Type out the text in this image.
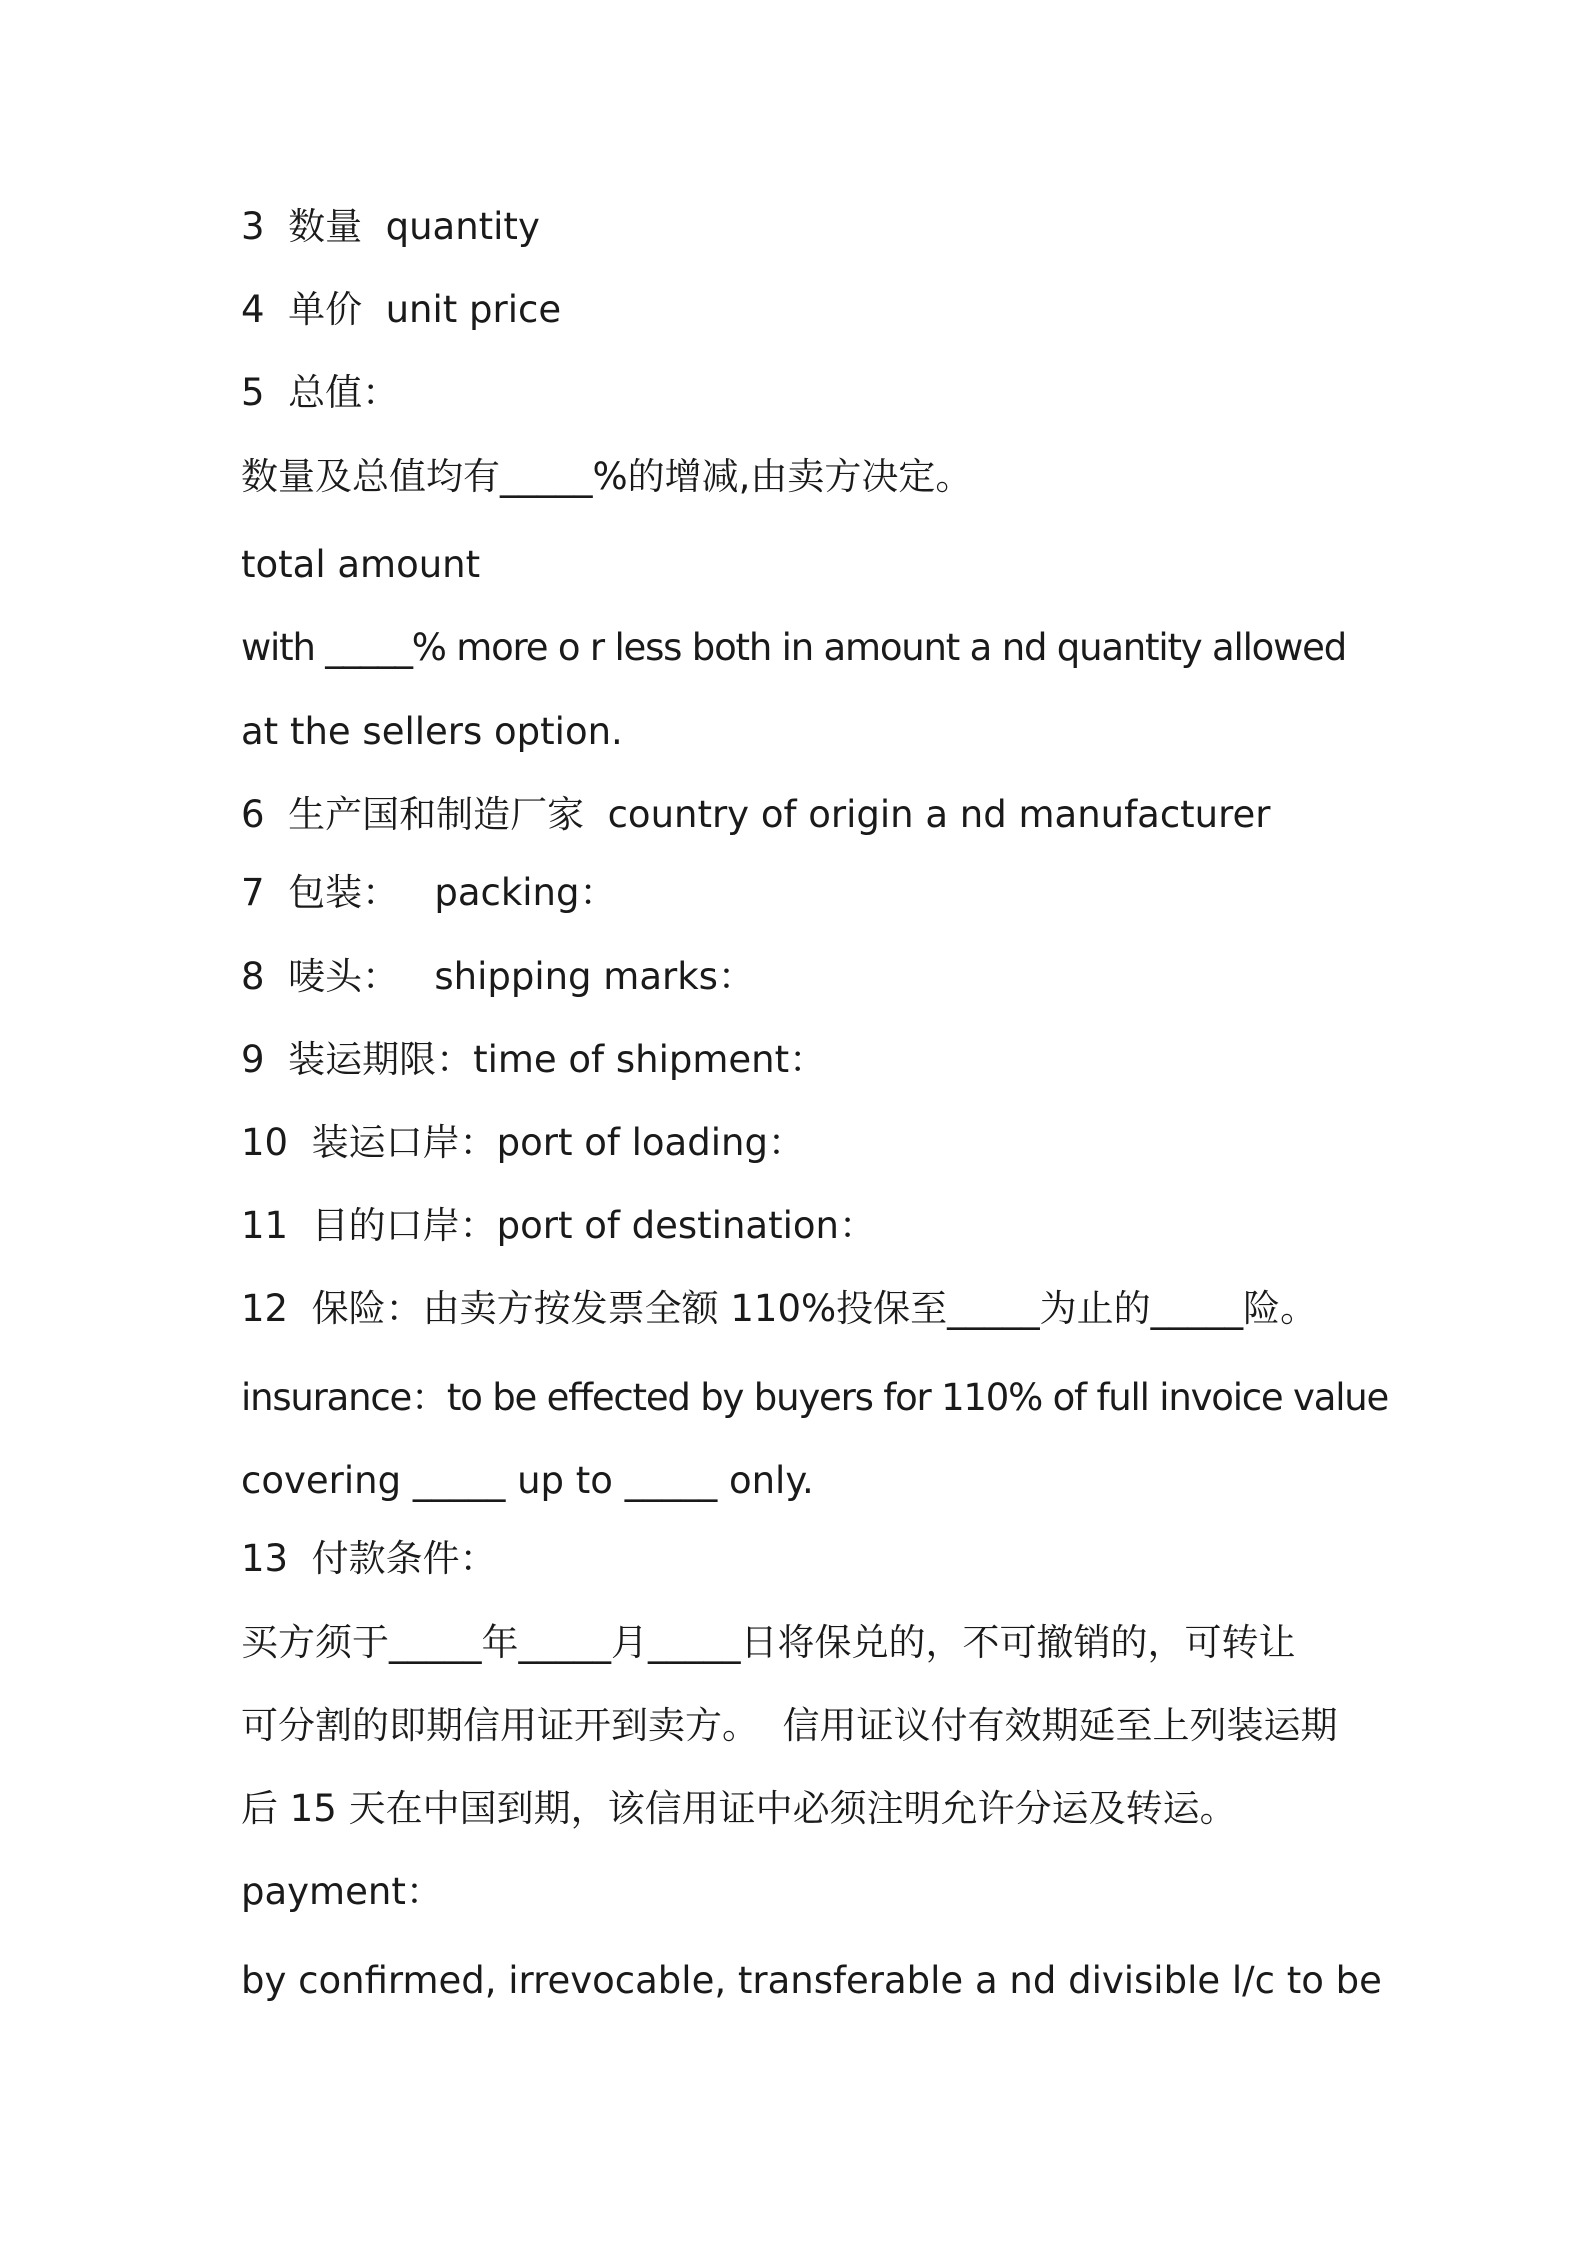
3  数量  quantity
4  单价  unit price
5  总值：
数量及总值均有_____%的增减,由卖方决定。
total amount
with _____% more o r less both in amount a nd quantity allowed
at the sellers option.
6  生产国和制造厂家  country of origin a nd manufacturer
7  包装：   packing：
8  唛头：   shipping marks：
9  装运期限：time of shipment：
10  装运口岸：port of loading：
11  目的口岸：port of destination：
12  保险：由卖方按发票全额 110%投保至_____为止的_____险。
insurance：to be effected by buyers for 110% of full invoice value
covering _____ up to _____ only.
13  付款条件：
买方须于_____年_____月_____日将保兑的，不可撤销的，可转让
可分割的即期信用证开到卖方。  信用证议付有效期延至上列装运期
后 15 天在中国到期，该信用证中必须注明允许分运及转运。
payment：
by confirmed, irrevocable, transferable a nd divisible l/c to be
